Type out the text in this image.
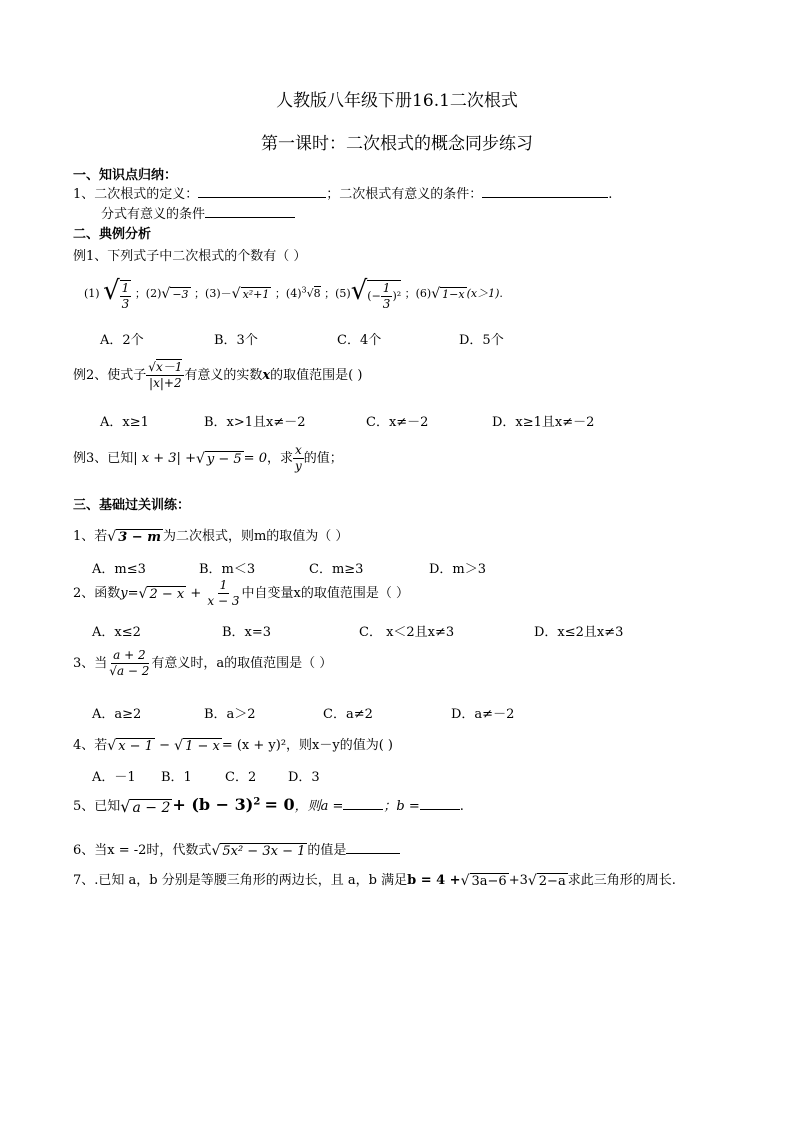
人教版八年级下册16.1二次根式
第一课时：二次根式的概念同步练习
一、知识点归纳：
1、二次根式的定义：	；二次根式有意义的条件：	.
分式有意义的条件
二、典例分析
例1、下列式子中二次根式的个数有（ ）
(1) √ $\frac{1}{3}$ ；(2)√ −3 ；(3)－√ x²+1 ；$(4)^3√8$ ；$(5)√(- \frac{1}{3} )^2$ ；(6)√ 1−x (x＞1).
A．2个	B．3个	C．4个	D．5个
例2、使式子 $\frac{√x-1}{|x|+2}$ 有意义的实数x的取值范围是( )
A．x≥1	B．x>1且x≠－2	C．x≠－2	D．x≥1且x≠－2
例3、已知| x + 3| +√ y − 5 = 0，求 $\frac{x}{y}$ 的值；
三、基础过关训练：
1、若√ 3 − m 为二次根式，则m的取值为（ ）
A．m≤3	B．m＜3	C．m≥3	D．m＞3
2、函数y=√ $2 - x + \frac{1}{x - 3}$ 中自变量x的取值范围是（ ）
A．x≤2	B．x=3	C． x＜2且x≠3	D．x≤2且x≠3
3、当 $\frac{a + 2}{√a - 2}$ 有意义时，a的取值范围是（ ）
A．a≥2	B．a＞2	C．a≠2	D．a≠－2
4、若√ x − 1 − √ 1 − x = (x + y)²，则x－y的值为( )
A．－1 B．1	C．2 D．3
5、已知√ $a - 2 + (b - 3)^2 = 0$，则a =	；b =	.
6、当x = -2时，代数式√ 5x² − 3x − 1 的值是
7、.已知 a，b 分别是等腰三角形的两边长，且 a，b 满足b = 4 +√ 3a−6 +3√ 2−a 求此三角形的周长.
